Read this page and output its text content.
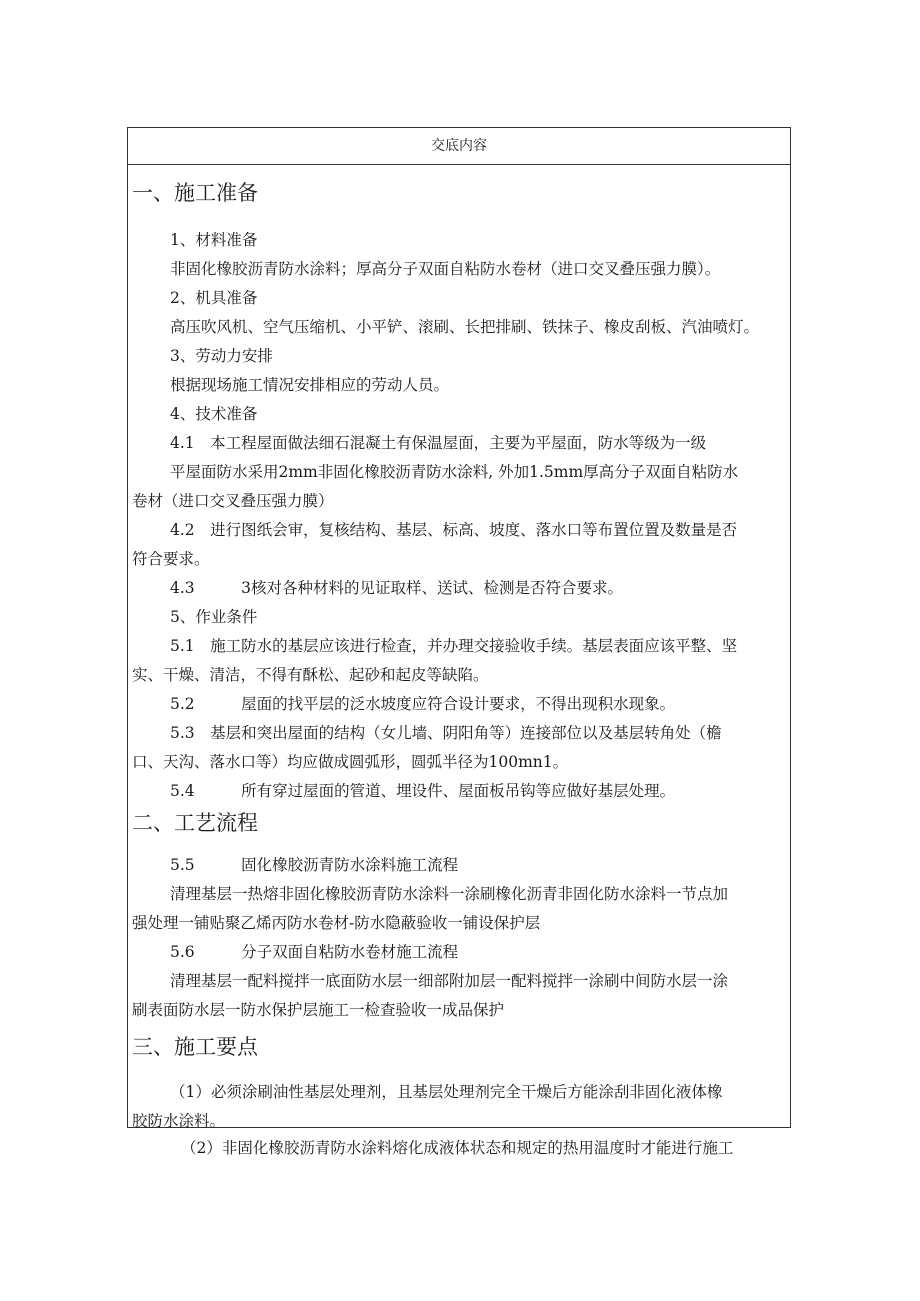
交底内容
一、施工准备
1、材料准备
非固化橡胶沥青防水涂料；厚高分子双面自粘防水卷材（进口交叉叠压强力膜）。
2、机具准备
高压吹风机、空气压缩机、小平铲、滚刷、长把排刷、铁抹子、橡皮刮板、汽油喷灯。
3、劳动力安排
根据现场施工情况安排相应的劳动人员。
4、技术准备
4.1　本工程屋面做法细石混凝土有保温屋面，主要为平屋面，防水等级为一级
平屋面防水采用2mm非固化橡胶沥青防水涂料, 外加1.5mm厚高分子双面自粘防水
卷材（进口交叉叠压强力膜）
4.2　进行图纸会审，复核结构、基层、标高、坡度、落水口等布置位置及数量是否
符合要求。
4.3　　　3核对各种材料的见证取样、送试、检测是否符合要求。
5、作业条件
5.1　施工防水的基层应该进行检查，并办理交接验收手续。基层表面应该平整、坚
实、干燥、清洁，不得有酥松、起砂和起皮等缺陷。
5.2　　　屋面的找平层的泛水坡度应符合设计要求，不得出现积水现象。
5.3　基层和突出屋面的结构（女儿墙、阴阳角等）连接部位以及基层转角处（檐
口、天沟、落水口等）均应做成圆弧形，圆弧半径为100mn1。
5.4　　　所有穿过屋面的管道、埋设件、屋面板吊钩等应做好基层处理。
二、工艺流程
5.5　　　固化橡胶沥青防水涂料施工流程
清理基层一热熔非固化橡胶沥青防水涂料一涂刷橡化沥青非固化防水涂料一节点加
强处理一铺贴聚乙烯丙防水卷材-防水隐蔽验收一铺设保护层
5.6　　　分子双面自粘防水卷材施工流程
清理基层一配料搅拌一底面防水层一细部附加层一配料搅拌一涂刷中间防水层一涂
刷表面防水层一防水保护层施工一检查验收一成品保护
三、施工要点
（1）必须涂刷油性基层处理剂，且基层处理剂完全干燥后方能涂刮非固化液体橡
胶防水涂料。
（2）非固化橡胶沥青防水涂料熔化成液体状态和规定的热用温度时才能进行施工
